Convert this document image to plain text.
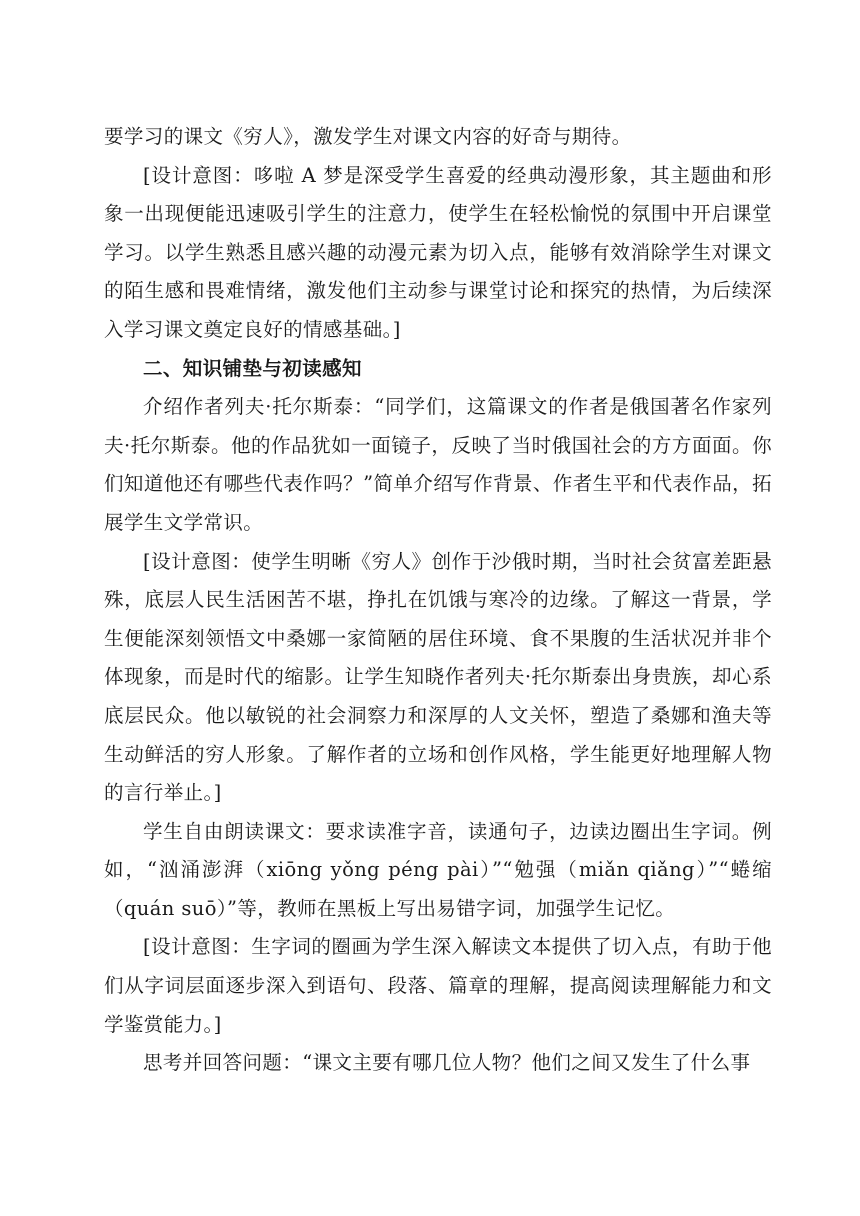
要学习的课文《穷人》，激发学生对课文内容的好奇与期待。

[设计意图：哆啦 A 梦是深受学生喜爱的经典动漫形象，其主题曲和形象一出现便能迅速吸引学生的注意力，使学生在轻松愉悦的氛围中开启课堂学习。以学生熟悉且感兴趣的动漫元素为切入点，能够有效消除学生对课文的陌生感和畏难情绪，激发他们主动参与课堂讨论和探究的热情，为后续深入学习课文奠定良好的情感基础。]

二、知识铺垫与初读感知

介绍作者列夫·托尔斯泰：“同学们，这篇课文的作者是俄国著名作家列夫·托尔斯泰。他的作品犹如一面镜子，反映了当时俄国社会的方方面面。你们知道他还有哪些代表作吗？”简单介绍写作背景、作者生平和代表作品，拓展学生文学常识。

[设计意图：使学生明晰《穷人》创作于沙俄时期，当时社会贫富差距悬殊，底层人民生活困苦不堪，挣扎在饥饿与寒冷的边缘。了解这一背景，学生便能深刻领悟文中桑娜一家简陋的居住环境、食不果腹的生活状况并非个体现象，而是时代的缩影。让学生知晓作者列夫·托尔斯泰出身贵族，却心系底层民众。他以敏锐的社会洞察力和深厚的人文关怀，塑造了桑娜和渔夫等生动鲜活的穷人形象。了解作者的立场和创作风格，学生能更好地理解人物的言行举止。]

学生自由朗读课文：要求读准字音，读通句子，边读边圈出生字词。例如，“汹涌澎湃（xiōng yǒng péng pài）”“勉强（miǎn qiǎng）”“蜷缩（quán suō）”等，教师在黑板上写出易错字词，加强学生记忆。

[设计意图：生字词的圈画为学生深入解读文本提供了切入点，有助于他们从字词层面逐步深入到语句、段落、篇章的理解，提高阅读理解能力和文学鉴赏能力。]

思考并回答问题：“课文主要有哪几位人物？他们之间又发生了什么事
